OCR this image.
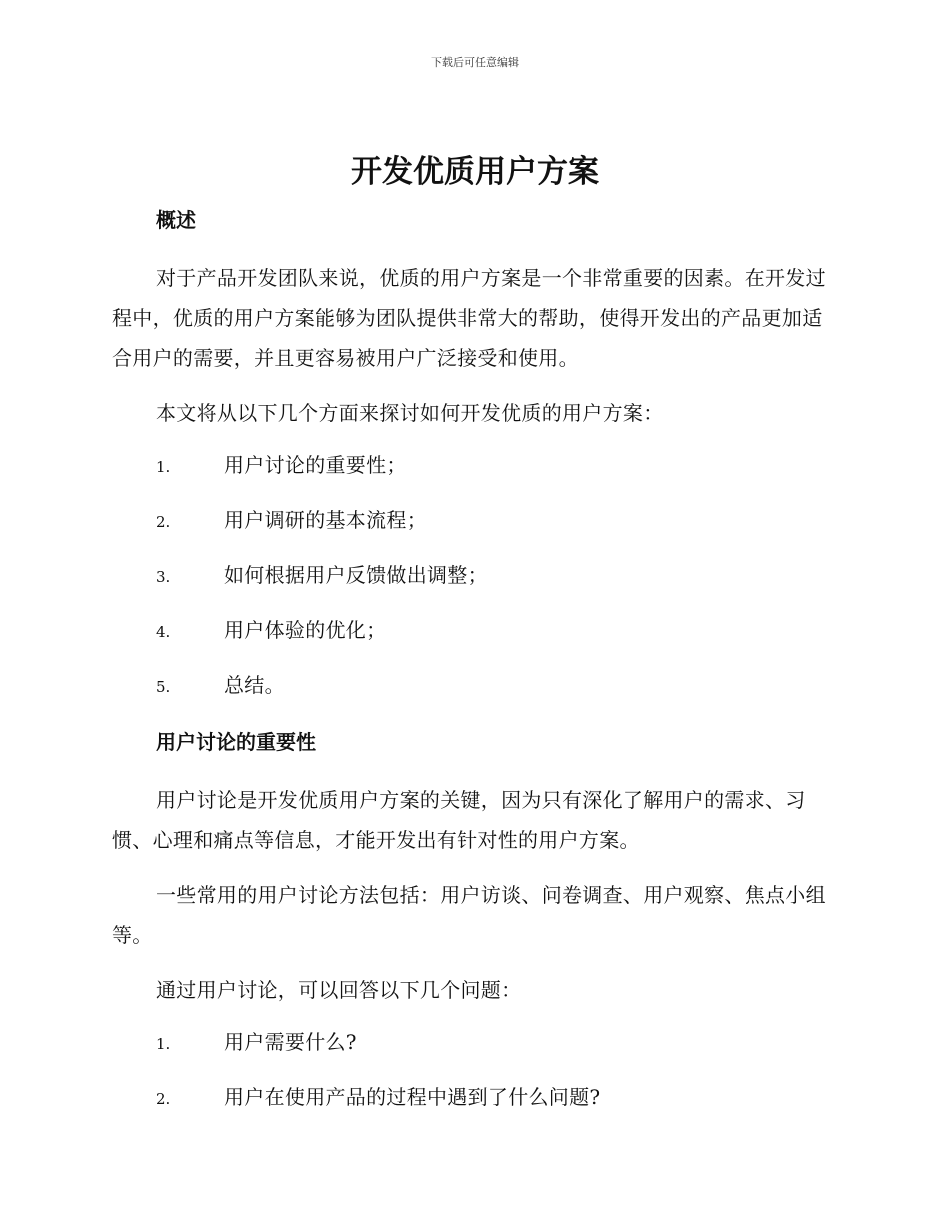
下载后可任意编辑
开发优质用户方案
概述

对于产品开发团队来说，优质的用户方案是一个非常重要的因素。在开发过程中，优质的用户方案能够为团队提供非常大的帮助，使得开发出的产品更加适合用户的需要，并且更容易被用户广泛接受和使用。

本文将从以下几个方面来探讨如何开发优质的用户方案：

1.	用户讨论的重要性；
2.	用户调研的基本流程；
3.	如何根据用户反馈做出调整；
4.	用户体验的优化；
5.	总结。
用户讨论的重要性

用户讨论是开发优质用户方案的关键，因为只有深化了解用户的需求、习惯、心理和痛点等信息，才能开发出有针对性的用户方案。

一些常用的用户讨论方法包括：用户访谈、问卷调查、用户观察、焦点小组等。

通过用户讨论，可以回答以下几个问题：

1.	用户需要什么?
2.	用户在使用产品的过程中遇到了什么问题?
